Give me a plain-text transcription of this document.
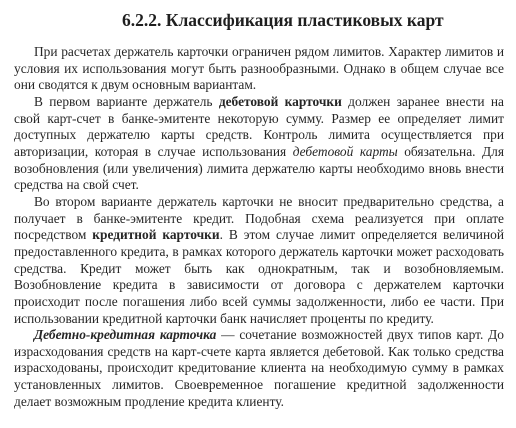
6.2.2. Классификация пластиковых карт

При расчетах держатель карточки ограничен рядом лимитов. Характер лимитов и условия их использования могут быть разнообразными. Однако в общем случае все они сводятся к двум основным вариантам.

В первом варианте держатель дебетовой карточки должен заранее внести на свой карт-счет в банке-эмитенте некоторую сумму. Размер ее определяет лимит доступных держателю карты средств. Контроль лимита осуществляется при авторизации, которая в случае использования дебетовой карты обязательна. Для возобновления (или увеличения) лимита держателю карты необходимо вновь внести средства на свой счет.

Во втором варианте держатель карточки не вносит предварительно средства, а получает в банке-эмитенте кредит. Подобная схема реализуется при оплате посредством кредитной карточки. В этом случае лимит определяется величиной предоставленного кредита, в рамках которого держатель карточки может расходовать средства. Кредит может быть как однократным, так и возобновляемым. Возобновление кредита в зависимости от договора с держателем карточки происходит после погашения либо всей суммы задолженности, либо ее части. При использовании кредитной карточки банк начисляет проценты по кредиту.

Дебетно-кредитная карточка — сочетание возможностей двух типов карт. До израсходования средств на карт-счете карта является дебетовой. Как только средства израсходованы, происходит кредитование клиента на необходимую сумму в рамках установленных лимитов. Своевременное погашение кредитной задолженности делает возможным продление кредита клиенту.
